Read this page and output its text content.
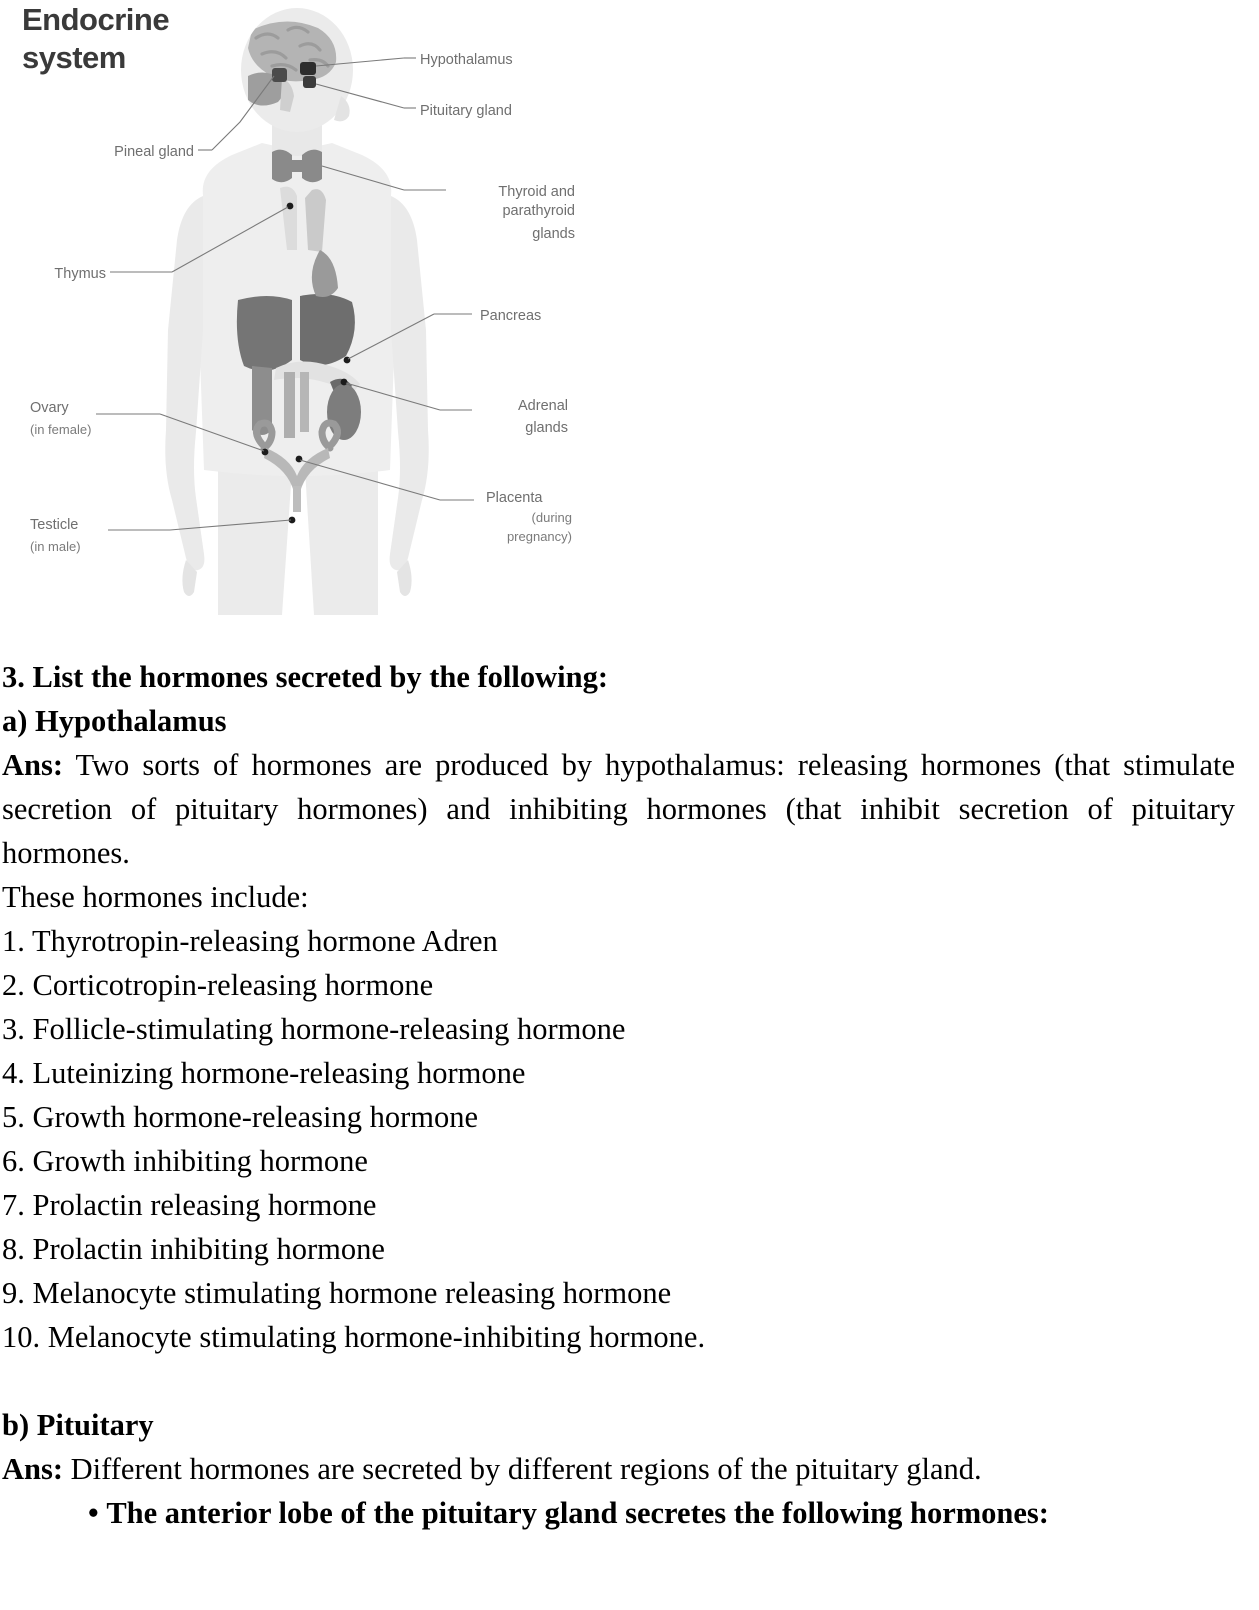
Endocrine
system	Hypothalamus
Pituitary gland
Thyroid and
parathyroid
glands
Pancreas
Adrenal
glands
Placenta
(during
pregnancy)
Pineal gland
Thymus
Ovary
(in female)
Testicle
(in male)
3. List the hormones secreted by the following:
a) Hypothalamus
Ans: Two sorts of hormones are produced by hypothalamus: releasing hormones (that stimulate secretion of pituitary hormones) and inhibiting hormones (that inhibit secretion of pituitary hormones.
These hormones include:
1. Thyrotropin-releasing hormone Adren
2. Corticotropin-releasing hormone
3. Follicle-stimulating hormone-releasing hormone
4. Luteinizing hormone-releasing hormone
5. Growth hormone-releasing hormone
6. Growth inhibiting hormone
7. Prolactin releasing hormone
8. Prolactin inhibiting hormone
9. Melanocyte stimulating hormone releasing hormone
10. Melanocyte stimulating hormone-inhibiting hormone.
b) Pituitary
Ans: Different hormones are secreted by different regions of the pituitary gland.
• The anterior lobe of the pituitary gland secretes the following hormones:
